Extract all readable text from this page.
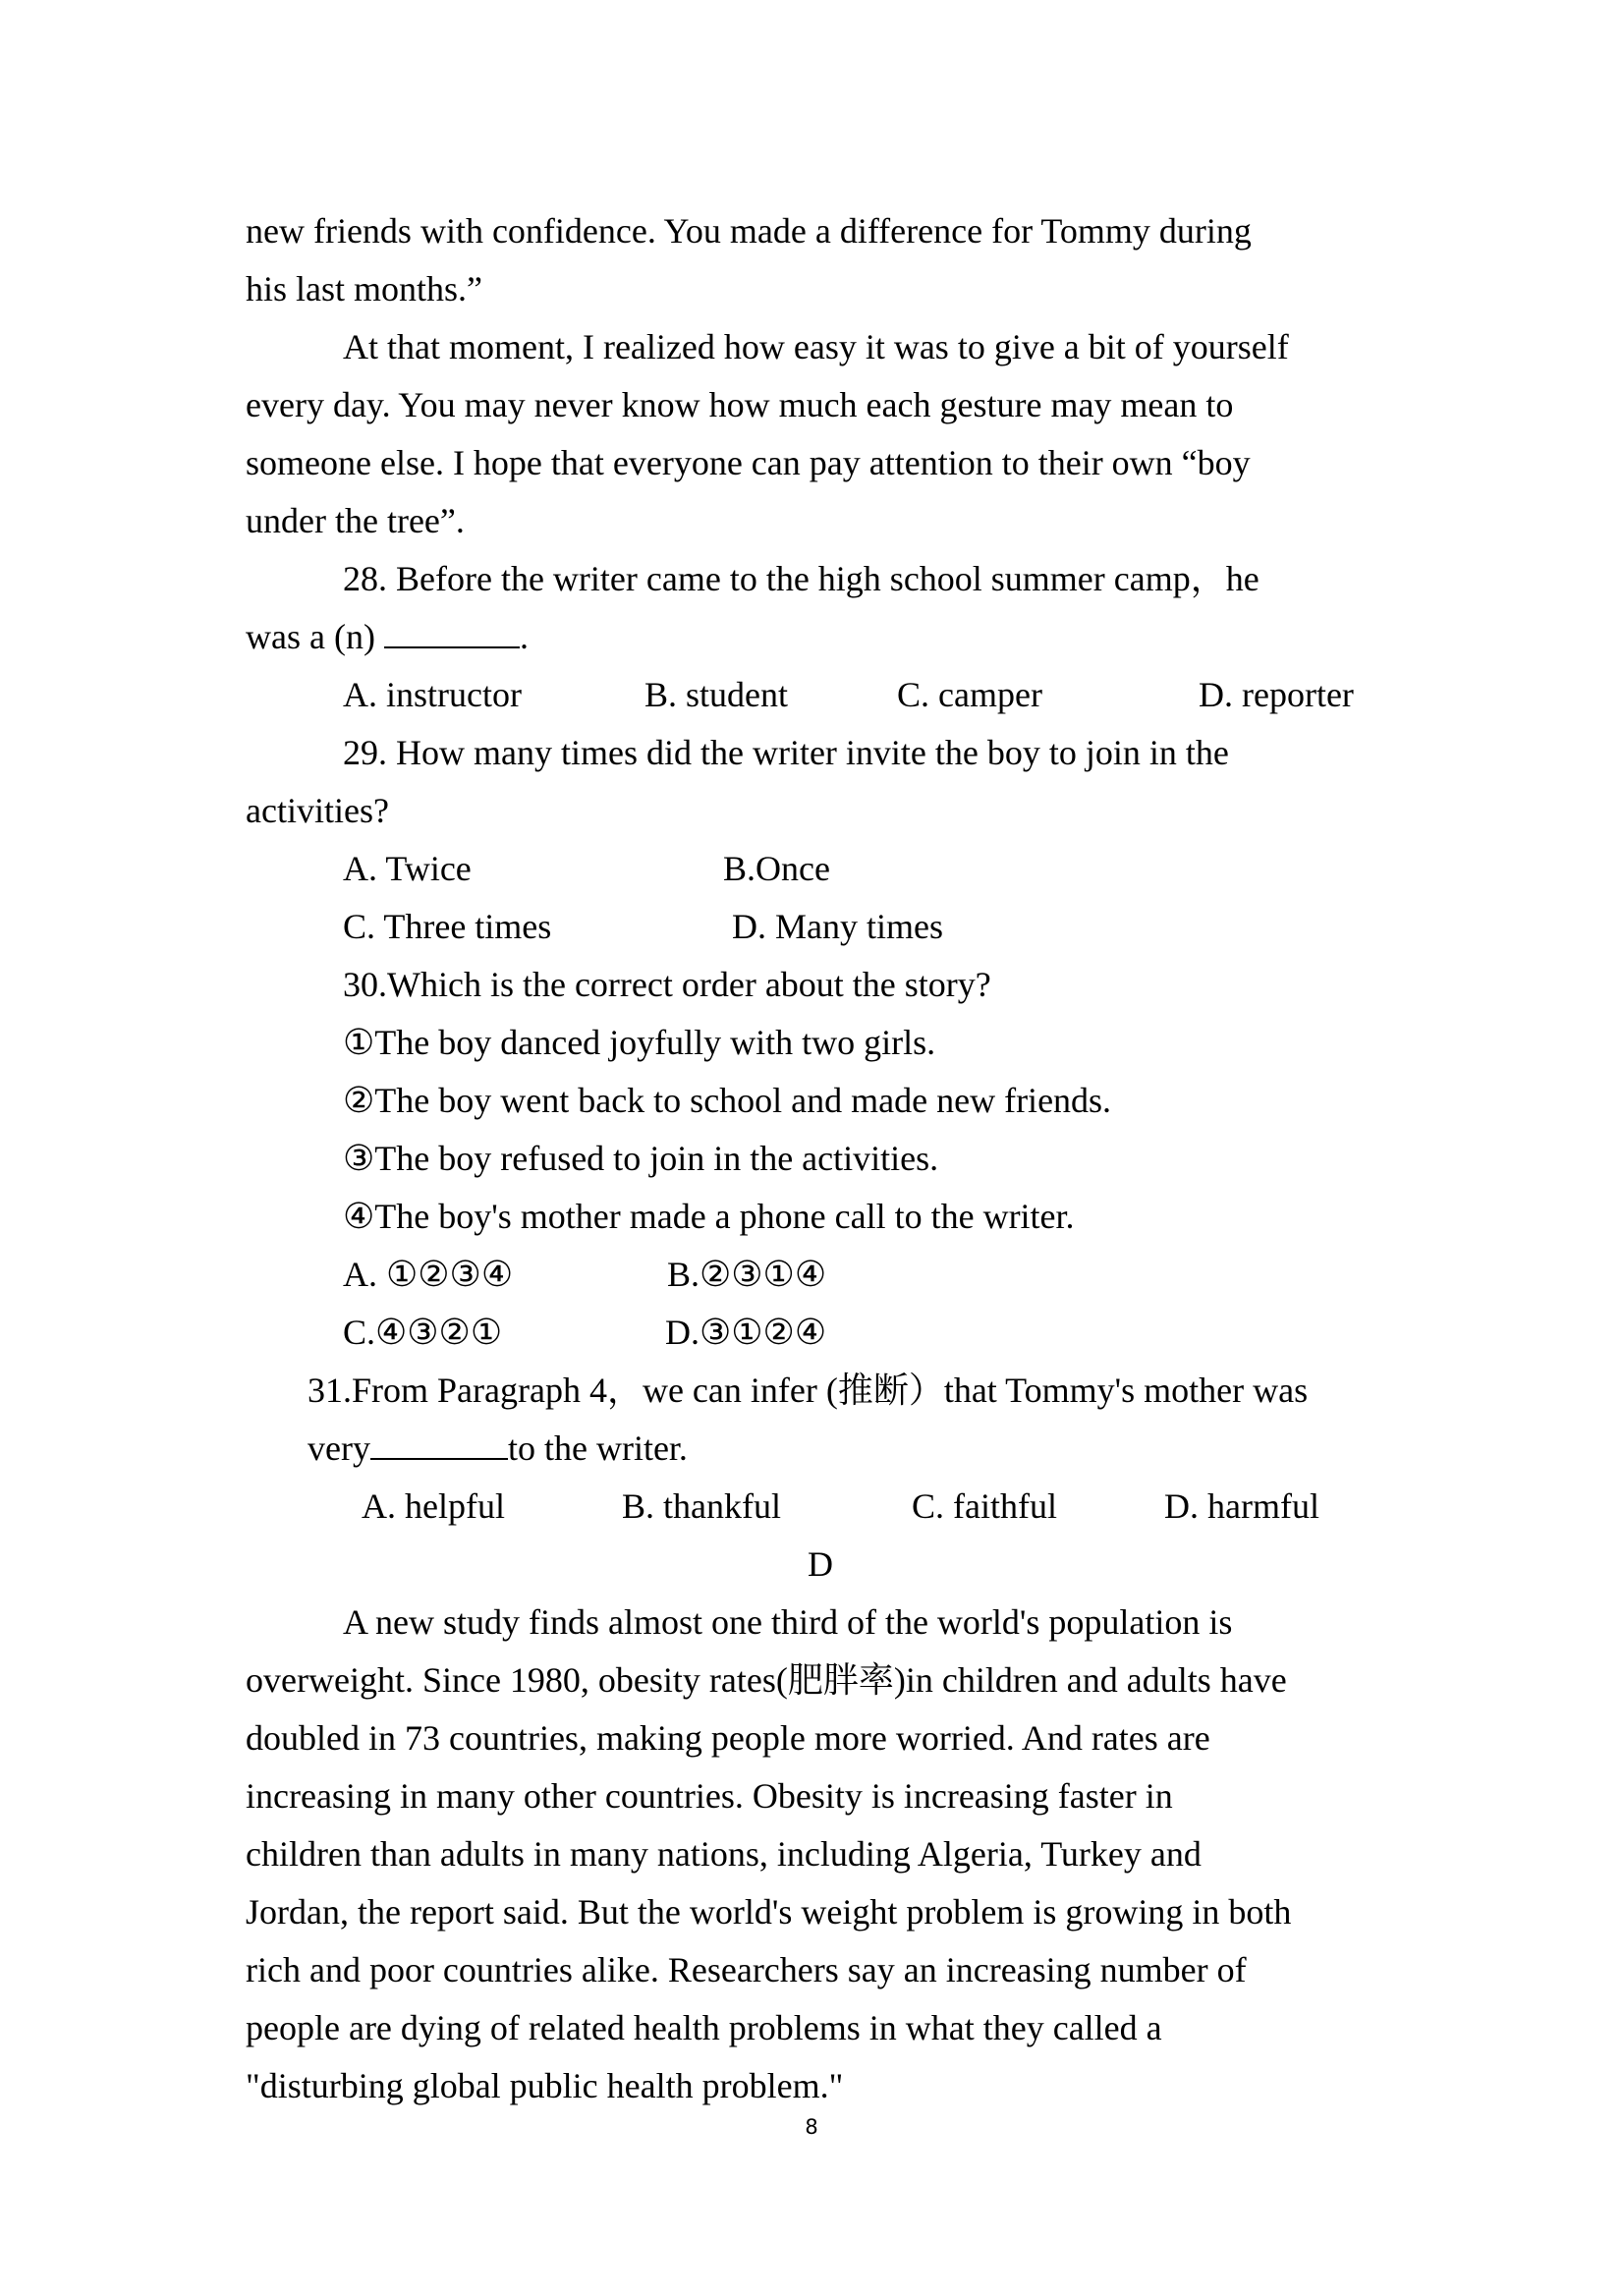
new friends with confidence. You made a difference for Tommy during
his last months.”
At that moment, I realized how easy it was to give a bit of yourself
every day. You may never know how much each gesture may mean to
someone else. I hope that everyone can pay attention to their own “boy
under the tree”.
28. Before the writer came to the high school summer camp，he
was a (n)	.
A. instructor	B. student	C. camper	D. reporter
29. How many times did the writer invite the boy to join in the
activities?
A. Twice	B.Once
C. Three times	D. Many times
30.Which is the correct order about the story?
①The boy danced joyfully with two girls.
②The boy went back to school and made new friends.
③The boy refused to join in the activities.
④The boy's mother made a phone call to the writer.
A. ①②③④	B.②③①④
C.④③②①	D.③①②④
31.From Paragraph 4，we can infer (推断）that Tommy's mother was
very	to the writer.
A. helpful	B. thankful	C. faithful	D. harmful
D
A new study finds almost one third of the world's population is
overweight. Since 1980, obesity rates(肥胖率)in children and adults have
doubled in 73 countries, making people more worried. And rates are
increasing in many other countries. Obesity is increasing faster in
children than adults in many nations, including Algeria, Turkey and
Jordan, the report said. But the world's weight problem is growing in both
rich and poor countries alike. Researchers say an increasing number of
people are dying of related health problems in what they called a
"disturbing global public health problem."
8
